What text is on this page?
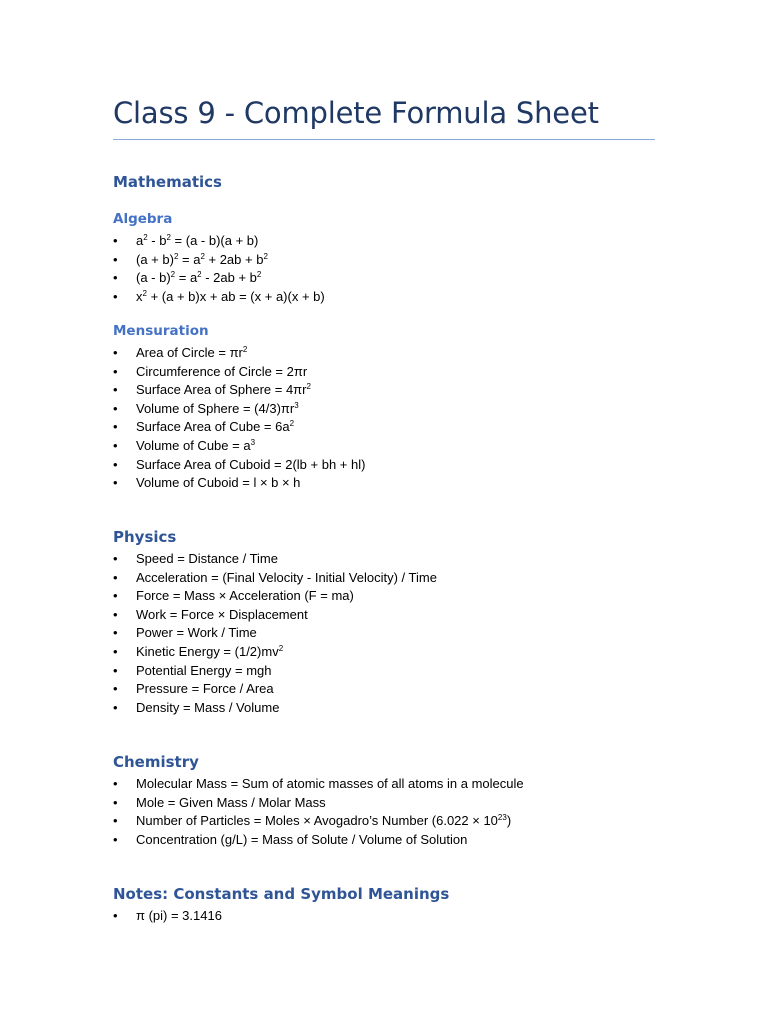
Class 9 - Complete Formula Sheet
Mathematics
Algebra
• $a^2 - b^2 = (a - b)(a + b)$
• $(a + b)^2 = a^2 + 2ab + b^2$
• $(a - b)^2 = a^2 - 2ab + b^2$
• $x^2 + (a + b)x$ + ab = (x + a)(x + b)
Mensuration
• Area of Circle = $\pi r^2$
• Circumference of Circle = 2πr
• Surface Area of Sphere = $4\pi r^2$
• Volume of Sphere = $(4/3)\pi r^3$
• Surface Area of Cube = $6a^2$
• Volume of Cube = $a^3$
• Surface Area of Cuboid = 2(lb + bh + hl)
• Volume of Cuboid = l × b × h
Physics
• Speed = Distance / Time
• Acceleration = (Final Velocity - Initial Velocity) / Time
• Force = Mass × Acceleration (F = ma)
• Work = Force × Displacement
• Power = Work / Time
• Kinetic Energy = $(1/2)mv^2$
• Potential Energy = mgh
• Pressure = Force / Area
• Density = Mass / Volume
Chemistry
• Molecular Mass = Sum of atomic masses of all atoms in a molecule
• Mole = Given Mass / Molar Mass
• Number of Particles = Moles × Avogadro’s Number $(6.022 \times 10^{23})$
• Concentration (g/L) = Mass of Solute / Volume of Solution
Notes: Constants and Symbol Meanings
• π (pi) = 3.1416
